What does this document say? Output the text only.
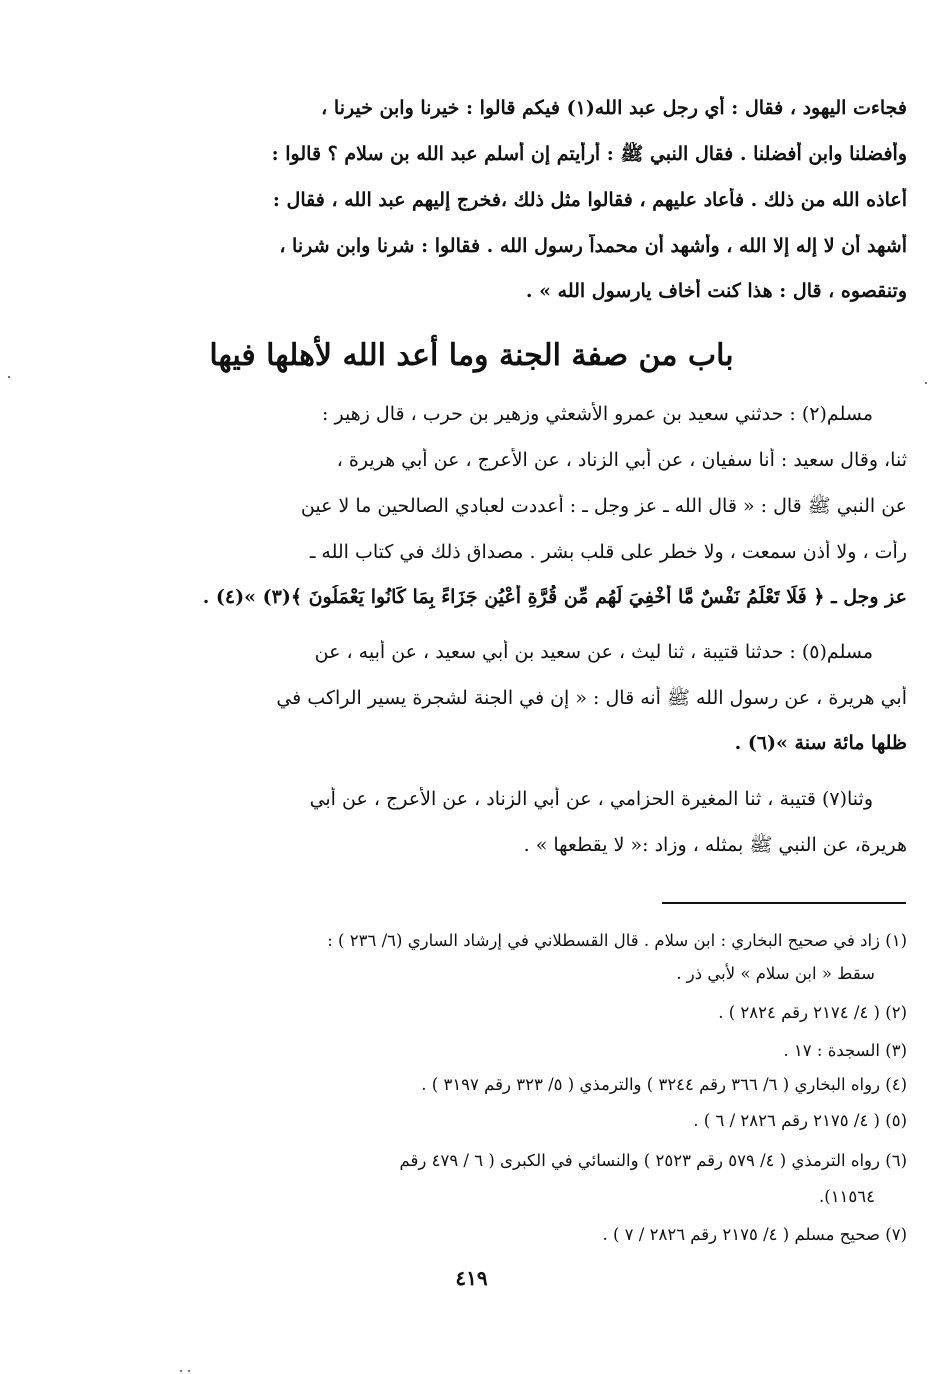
فجاءت اليهود ، فقال : أي رجل عبد الله(١) فيكم قالوا : خيرنا وابن خيرنا ،
وأفضلنا وابن أفضلنا . فقال النبي ﷺ : أرأيتم إن أسلم عبد الله بن سلام ؟ قالوا :
أعاذه الله من ذلك . فأعاد عليهم ، فقالوا مثل ذلك ،فخرج إليهم عبد الله ، فقال :
أشهد أن لا إله إلا الله ، وأشهد أن محمداً رسول الله . فقالوا : شرنا وابن شرنا ،
وتنقصوه ، قال : هذا كنت أخاف يارسول الله » .
باب من صفة الجنة وما أعد الله لأهلها فيها
مسلم(٢) : حدثني سعيد بن عمرو الأشعثي وزهير بن حرب ، قال زهير :
ثنا، وقال سعيد : أنا سفيان ، عن أبي الزناد ، عن الأعرج ، عن أبي هريرة ،
عن النبي ﷺ قال : « قال الله ـ عز وجل ـ : أعددت لعبادي الصالحين ما لا عين
رأت ، ولا أذن سمعت ، ولا خطر على قلب بشر . مصداق ذلك في كتاب الله ـ
عز وجل ـ ﴿ فَلَا تَعْلَمُ نَفْسٌ مَّا أُخْفِيَ لَهُم مِّن قُرَّةِ أَعْيُنٍ جَزَاءً بِمَا كَانُوا يَعْمَلُونَ ﴾(٣) »(٤) .
مسلم(٥) : حدثنا قتيبة ، ثنا ليث ، عن سعيد بن أبي سعيد ، عن أبيه ، عن
أبي هريرة ، عن رسول الله ﷺ أنه قال : « إن في الجنة لشجرة يسير الراكب في
ظلها مائة سنة »(٦) .
وثنا(٧) قتيبة ، ثنا المغيرة الحزامي ، عن أبي الزناد ، عن الأعرج ، عن أبي
هريرة، عن النبي ﷺ بمثله ، وزاد :« لا يقطعها » .
(١) زاد في صحيح البخاري : ابن سلام . قال القسطلاني في إرشاد الساري (٦/ ٢٣٦ ) :
سقط « ابن سلام » لأبي ذر .
(٢) ( ٤/ ٢١٧٤ رقم ٢٨٢٤ ) .
(٣) السجدة : ١٧ .
(٤) رواه البخاري ( ٦/ ٣٦٦ رقم ٣٢٤٤ ) والترمذي ( ٥/ ٣٢٣ رقم ٣١٩٧ ) .
(٥) ( ٤/ ٢١٧٥ رقم ٢٨٢٦ / ٦ ) .
(٦) رواه الترمذي ( ٤/ ٥٧٩ رقم ٢٥٢٣ ) والنسائي في الكبرى ( ٦ / ٤٧٩ رقم
١١٥٦٤).
(٧) صحيح مسلم ( ٤/ ٢١٧٥ رقم ٢٨٢٦ / ٧ ) .
٤١٩
